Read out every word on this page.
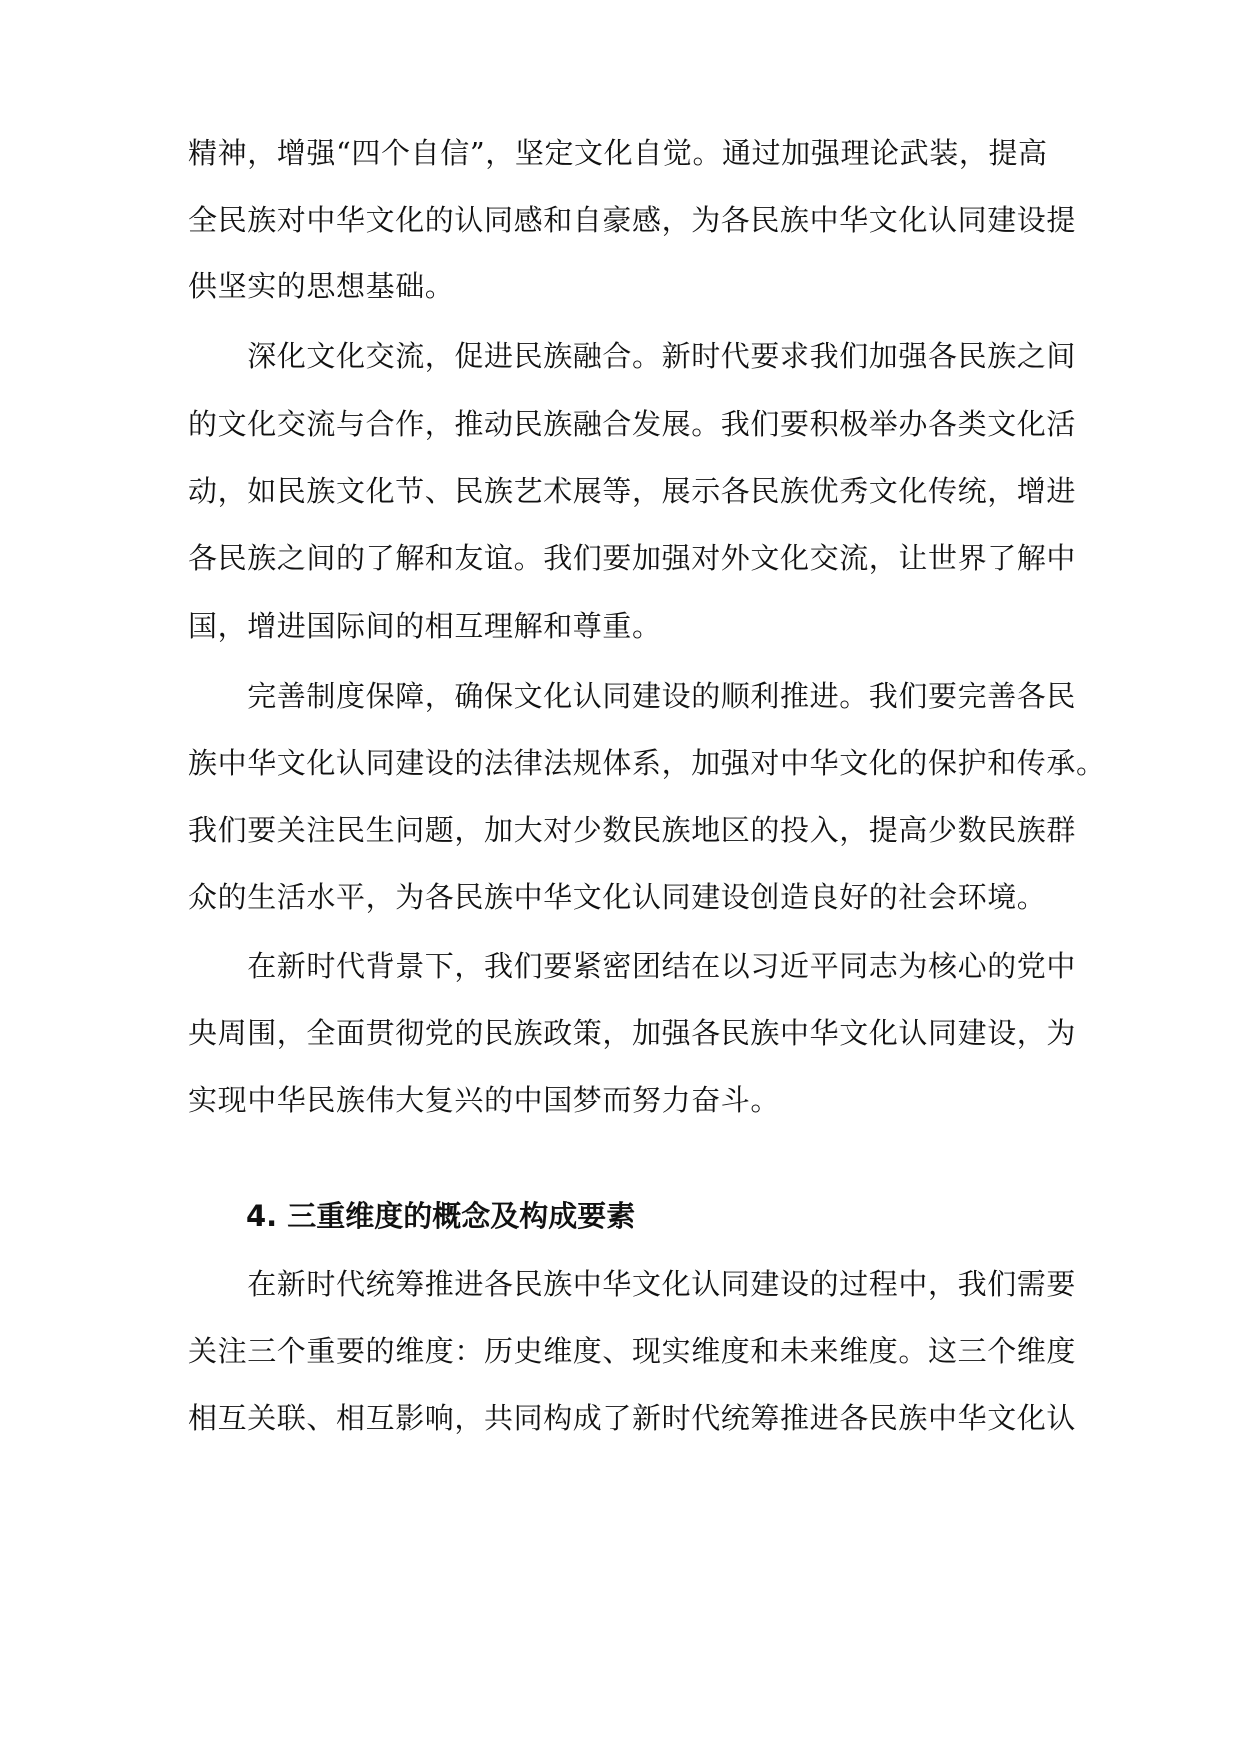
精神，增强“四个自信”，坚定文化自觉。通过加强理论武装，提高
全民族对中华文化的认同感和自豪感，为各民族中华文化认同建设提
供坚实的思想基础。
　　深化文化交流，促进民族融合。新时代要求我们加强各民族之间
的文化交流与合作，推动民族融合发展。我们要积极举办各类文化活
动，如民族文化节、民族艺术展等，展示各民族优秀文化传统，增进
各民族之间的了解和友谊。我们要加强对外文化交流，让世界了解中
国，增进国际间的相互理解和尊重。
　　完善制度保障，确保文化认同建设的顺利推进。我们要完善各民
族中华文化认同建设的法律法规体系，加强对中华文化的保护和传承。
我们要关注民生问题，加大对少数民族地区的投入，提高少数民族群
众的生活水平，为各民族中华文化认同建设创造良好的社会环境。
　　在新时代背景下，我们要紧密团结在以习近平同志为核心的党中
央周围，全面贯彻党的民族政策，加强各民族中华文化认同建设，为
实现中华民族伟大复兴的中国梦而努力奋斗。
4. 三重维度的概念及构成要素
　　在新时代统筹推进各民族中华文化认同建设的过程中，我们需要
关注三个重要的维度：历史维度、现实维度和未来维度。这三个维度
相互关联、相互影响，共同构成了新时代统筹推进各民族中华文化认
